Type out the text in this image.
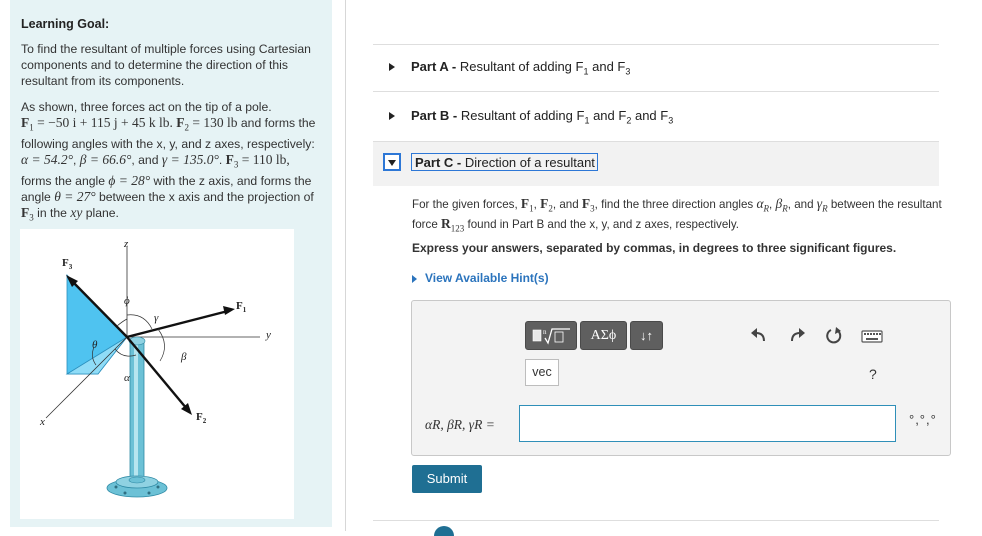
Learning Goal:
To find the resultant of multiple forces using Cartesian components and to determine the direction of this resultant from its components.
As shown, three forces act on the tip of a pole.
$F_1 = -50$ i + 115 j + 45 k lb. $F_2 = 130$ lb and forms the following angles with the x, y, and z axes, respectively: α = 54.2°, β = 66.6°, and γ = 135.0°. $F_3 = 110$ lb, forms the angle ϕ = 28° with the z axis, and forms the angle θ = 27° between the x axis and the projection of $F_3$ in the xy plane.
z
y
x
$F_3$
$F_1$
$F_2$
ϕ
γ
θ
β
α
Part A - Resultant of adding $F_1$ and $F_3$
Part B - Resultant of adding $F_1$ and $F_2$ and $F_3$
Part C - Direction of a resultant
For the given forces, $F_1$, $F_2$, and $F_3$, find the three direction angles $\alpha_R$, $\beta_R$, and $\gamma_R$ between the resultant force $R_{123}$ found in Part B and the x, y, and z axes, respectively.
Express your answers, separated by commas, in degrees to three significant figures.
View Available Hint(s)
n	ΑΣϕ	↓↑
vec	?
αR, βR, γR =	°,°,°
Submit
